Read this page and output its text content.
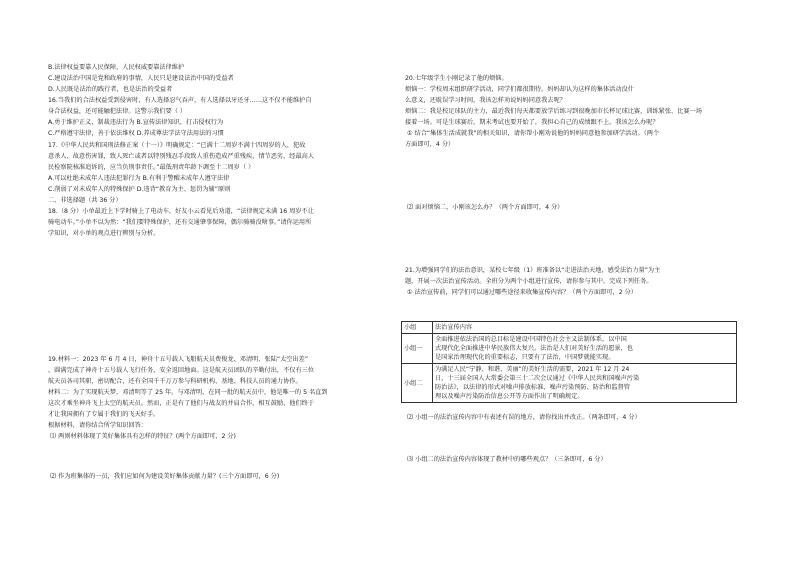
B.法律权益要靠人民保障，人民权威要靠法律维护
C.建设法治中国是党和政府的事情，人民只是建设法治中国的受益者
D.人民既是法治的践行者，也是法治的受益者
16.当我们的合法权益受到侵害时，有人选择忍气吞声，有人选择以牙还牙……这不仅不能维护自
身合法权益，还可能触犯法律。这警示我们要（ ）
A.勇于维护正义，制裁违法行为 B.宣传法律知识，打击侵权行为
C.严格遵守法律，善于依法维权 D.养成尊法学法守法用法的习惯
17.《中华人民共和国刑法修正案（十一）》明确规定：“已满十二周岁不满十四周岁的人，犯故
意杀人、故意伤害罪，致人死亡或者以特别残忍手段致人重伤造成严重残疾，情节恶劣，经最高人
民检察院核准追诉的，应当负刑事责任。”最低刑责年龄下调至十二周岁（ ）
A.可以杜绝未成年人违法犯罪行为 B.有利于警醒未成年人遵守法律
C.削弱了对未成年人的特殊保护 D.违背“教育为主、惩罚为辅”原则
二、非选择题（共 36 分）
18.（8 分）小单最近上下学时骑上了电动车，好友小云看见后劝道，“法律规定未满 16 周岁不让
骑电动车。”小单不以为然：“我们要特殊保护，还有交通肇事保障，偶尔骑骑没啥事。”请你运用所
学知识，对小单的观点进行辨别与分析。
19.材料一：2023 年 6 月 4 日，神舟十五号载人飞船航天员费俊龙、邓清明、张陆“太空出差”
，圆满完成了神舟十五号载人飞行任务，安全返回地面。这是航天员团队的辛勤付出，不仅有三位
航天员各司其职，密切配合，还有全国千千万万参与科研机构、基地、科技人员的通力协作。
材料二：为了实现航天梦，邓清明等了 25 年。与邓清明，在同一批的航天员中，他是唯一的 5 名直到
这次才乘坐神舟飞上太空的航天员。然而，正是有了他们与战友的并肩合作，相互鼓励，他们终于
才让我国拥有了专属于我们的飞天好手。
根据材料，请你结合所学知识回答：
⑴ 两则材料体现了美好集体具有怎样的特征？(两个方面即可，2 分)
⑵ 作为班集体的一员，我们应如何为建设美好集体贡献力量？(三个方面即可，6 分)
20.七年级学生小刚记录了他的烦恼。
烦恼一：学校周末组织研学活动，同学们都很期待。妈妈却认为这样的集体活动没什
么意义，还耽误学习时间，我该怎样劝说妈妈同意我去呢？
烦恼二：我是校足球队的主力，最近我们每天都要放学后练习到很晚加市长杯足球比赛，训练紧张、比赛一场
接着一场。可是生球赛后，期末考试也要开始了，我担心自己的成绩跟不上。我该怎么办呢？
① 结合“集体生活成就我”的相关知识，请你帮小刚劝说他的妈妈同意他参加研学活动。（两个
方面即可，4 分）
⑵ 面对烦恼二，小刚该怎么办？（两个方面即可，4 分）
21.为增强同学们的法治意识，某校七年级（1）班准备以“走进法治天地，感受法治力量”为主
题，开展一次法治宣传活动。全班分为两个小组进行宣传，请你参与其中，完成下列任务。
① 法治宣传前，同学们可以通过哪些途径来收集宣传内容？（两个方面即可，2 分）
小组	法治宣传内容
小组一	全面推进依法治国的总目标是建设中国特色社会主义法制体系，以中国
式现代化全面推进中华民族伟大复兴。法治是人们对美好生活的愿景，也
是国家治理现代化的重要标志，只要有了法治，中国梦就能实现。

小组二	为满足人民“宁静、和谐、美丽”的美好生活的需要，2021 年 12 月 24
日，十三届全国人大常委会第三十二次会议通过《中华人民共和国噪声污染
防治法》，以法律的形式对噪声排放标准、噪声污染预防、防治和监督管
理以及噪声污染防治信息公开等方面作出了明确规定。
⑵ 小组一的法治宣传内容中有表述有误的地方，请你找出并改正。（两条即可，4 分）
⑶ 小组二的法治宣传内容体现了教材中的哪些观点？（三条即可，6 分）
